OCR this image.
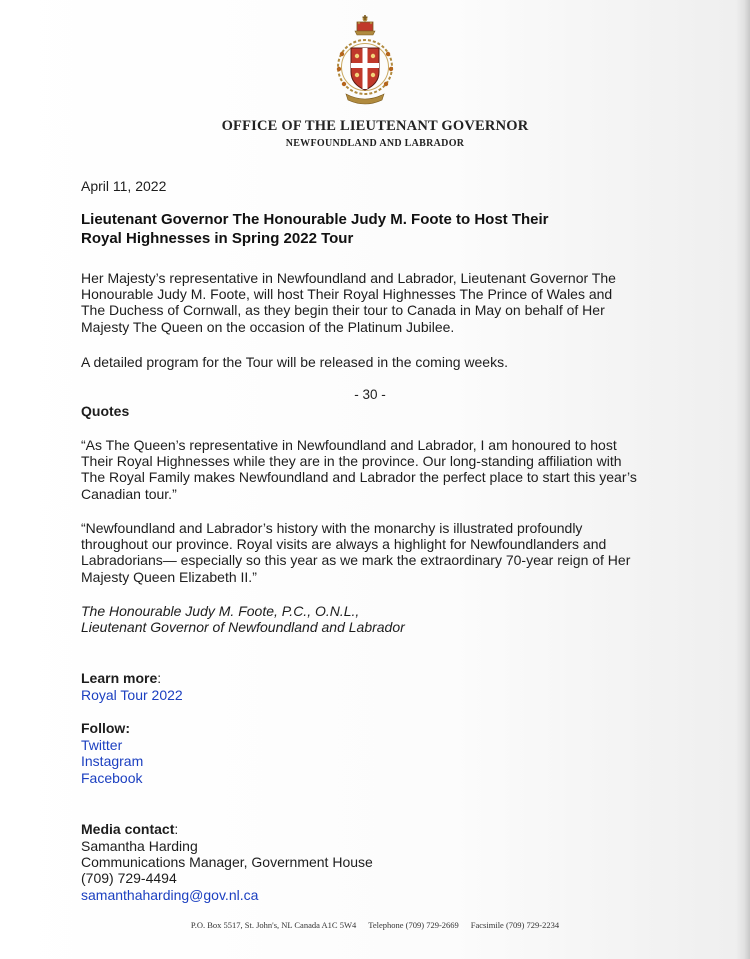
OFFICE OF THE LIEUTENANT GOVERNOR
NEWFOUNDLAND AND LABRADOR
April 11, 2022
Lieutenant Governor The Honourable Judy M. Foote to Host Their
Royal Highnesses in Spring 2022 Tour
Her Majesty’s representative in Newfoundland and Labrador, Lieutenant Governor The
Honourable Judy M. Foote, will host Their Royal Highnesses The Prince of Wales and
The Duchess of Cornwall, as they begin their tour to Canada in May on behalf of Her
Majesty The Queen on the occasion of the Platinum Jubilee.
A detailed program for the Tour will be released in the coming weeks.
- 30 -
Quotes
“As The Queen’s representative in Newfoundland and Labrador, I am honoured to host
Their Royal Highnesses while they are in the province. Our long-standing affiliation with
The Royal Family makes Newfoundland and Labrador the perfect place to start this year’s
Canadian tour.”
“Newfoundland and Labrador’s history with the monarchy is illustrated profoundly
throughout our province. Royal visits are always a highlight for Newfoundlanders and
Labradorians— especially so this year as we mark the extraordinary 70-year reign of Her
Majesty Queen Elizabeth II.”
The Honourable Judy M. Foote, P.C., O.N.L.,
Lieutenant Governor of Newfoundland and Labrador
Learn more:
Royal Tour 2022
Follow:
Twitter
Instagram
Facebook
Media contact:
Samantha Harding
Communications Manager, Government House
(709) 729-4494
samanthaharding@gov.nl.ca
P.O. Box 5517, St. John's, NL Canada A1C 5W4 Telephone (709) 729-2669 Facsimile (709) 729-2234
